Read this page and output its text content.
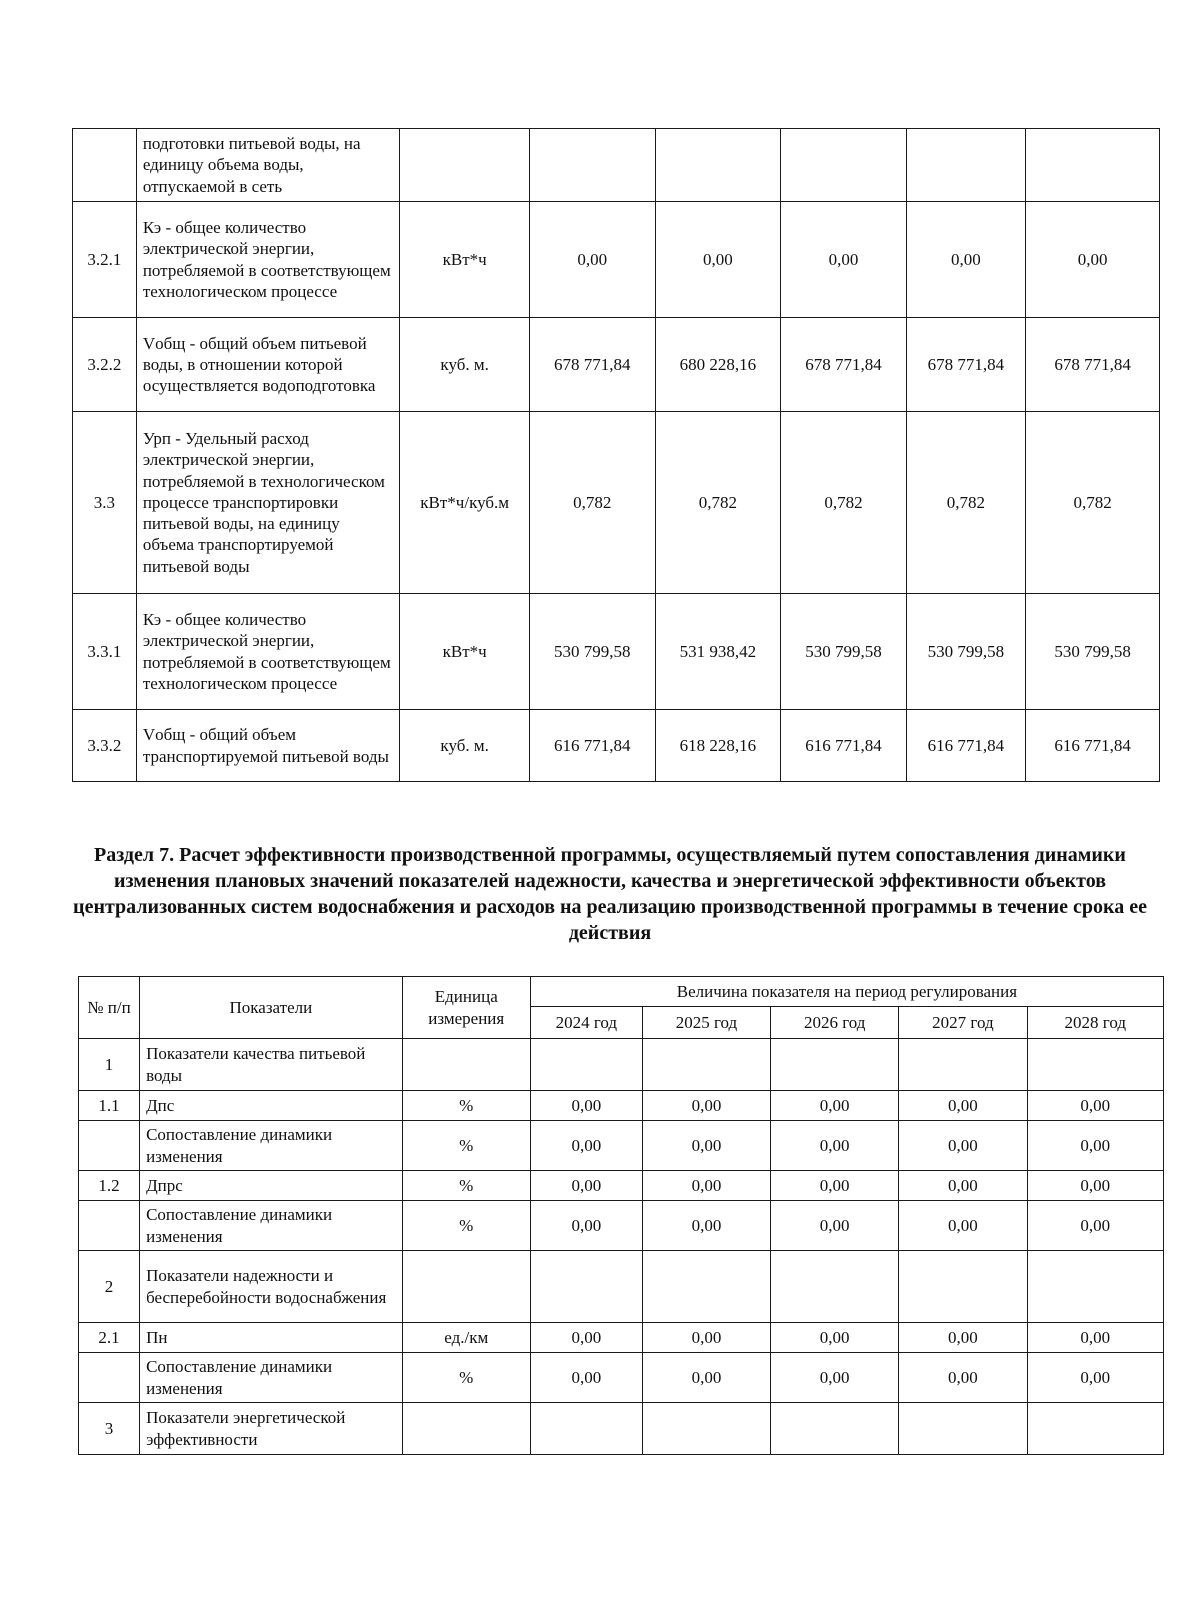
	подготовки питьевой воды, на единицу объема воды, отпускаемой в сеть						
3.2.1	Кэ - общее количество электрической энергии, потребляемой в соответствующем технологическом процессе	кВт*ч	0,00	0,00	0,00	0,00	0,00
3.2.2	Vобщ - общий объем питьевой воды, в отношении которой осуществляется водоподготовка	куб. м.	678 771,84	680 228,16	678 771,84	678 771,84	678 771,84
3.3	Урп - Удельный расход электрической энергии, потребляемой в технологическом процессе транспортировки питьевой воды, на единицу объема транспортируемой питьевой воды	кВт*ч/куб.м	0,782	0,782	0,782	0,782	0,782
3.3.1	Кэ - общее количество электрической энергии, потребляемой в соответствующем технологическом процессе	кВт*ч	530 799,58	531 938,42	530 799,58	530 799,58	530 799,58
3.3.2	Vобщ - общий объем транспортируемой питьевой воды	куб. м.	616 771,84	618 228,16	616 771,84	616 771,84	616 771,84
Раздел 7. Расчет эффективности производственной программы, осуществляемый путем сопоставления динамики изменения плановых значений показателей надежности, качества и энергетической эффективности объектов централизованных систем водоснабжения и расходов на реализацию производственной программы в течение срока ее действия
№ п/п	Показатели	Единица измерения	Величина показателя на период регулирования				
			2024 год	2025 год	2026 год	2027 год	2028 год
1	Показатели качества питьевой воды						
1.1	Дпс	%	0,00	0,00	0,00	0,00	0,00
	Сопоставление динамики изменения	%	0,00	0,00	0,00	0,00	0,00
1.2	Дпрс	%	0,00	0,00	0,00	0,00	0,00
	Сопоставление динамики изменения	%	0,00	0,00	0,00	0,00	0,00
2	Показатели надежности и бесперебойности водоснабжения						
2.1	Пн	ед./км	0,00	0,00	0,00	0,00	0,00
	Сопоставление динамики изменения	%	0,00	0,00	0,00	0,00	0,00
3	Показатели энергетической эффективности						
